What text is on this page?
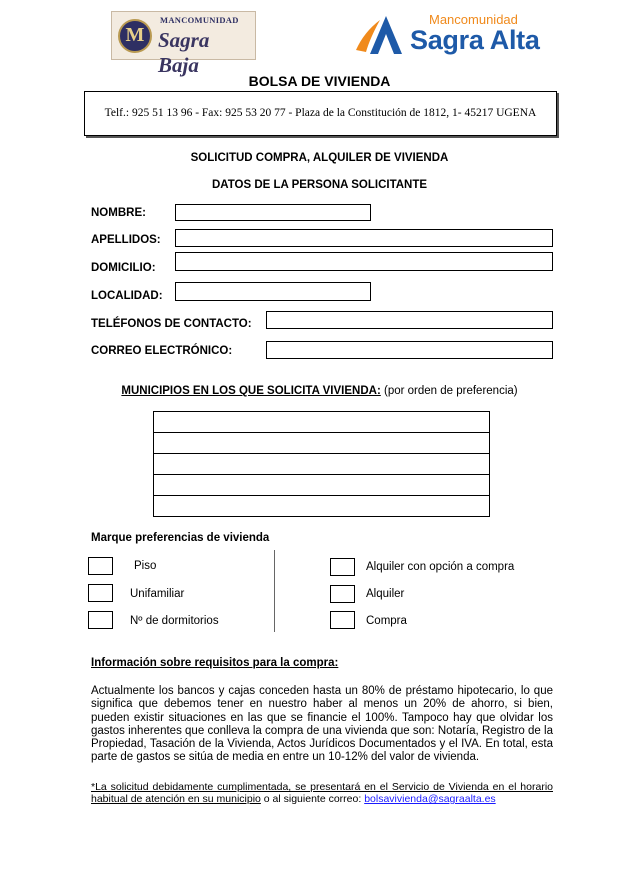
M
MANCOMUNIDAD
Sagra Baja
Mancomunidad
Sagra Alta
BOLSA DE VIVIENDA
Telf.: 925 51 13 96 - Fax: 925 53 20 77 - Plaza de la Constitución de 1812, 1- 45217 UGENA
SOLICITUD COMPRA, ALQUILER DE VIVIENDA
DATOS DE LA PERSONA SOLICITANTE
NOMBRE:
APELLIDOS:
DOMICILIO:
LOCALIDAD:
TELÉFONOS DE CONTACTO:
CORREO ELECTRÓNICO:
MUNICIPIOS EN LOS QUE SOLICITA VIVIENDA: (por orden de preferencia)

Marque preferencias de vivienda
Piso
Unifamiliar
Nº de dormitorios
Alquiler con opción a compra
Alquiler
Compra
Información sobre requisitos para la compra:

Actualmente los bancos y cajas conceden hasta un 80% de préstamo hipotecario, lo que significa que debemos tener en nuestro haber al menos un 20% de ahorro, si bien, pueden existir situaciones en las que se financie el 100%. Tampoco hay que olvidar los gastos inherentes que conlleva la compra de una vivienda que son: Notaría, Registro de la Propiedad, Tasación de la Vivienda, Actos Jurídicos Documentados y el IVA. En total, esta parte de gastos se sitúa de media en entre un 10-12% del valor de vivienda.

*La solicitud debidamente cumplimentada, se presentará en el Servicio de Vivienda en el horario habitual de atención en su municipio o al siguiente correo: bolsavivienda@sagraalta.es
